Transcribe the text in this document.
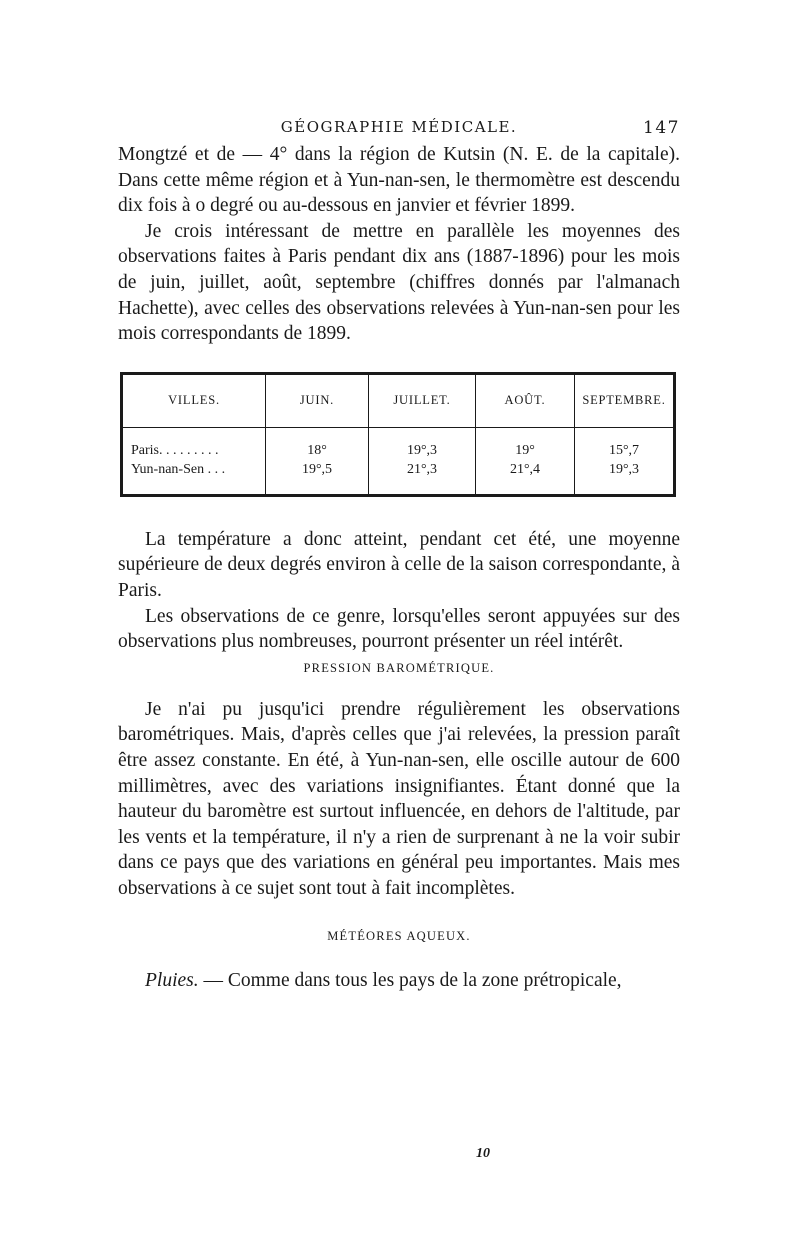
GÉOGRAPHIE MÉDICALE.	147

Mongtzé et de — 4° dans la région de Kutsin (N. E. de la capitale). Dans cette même région et à Yun-nan-sen, le thermomètre est descendu dix fois à o degré ou au-dessous en janvier et février 1899.

Je crois intéressant de mettre en parallèle les moyennes des observations faites à Paris pendant dix ans (1887-1896) pour les mois de juin, juillet, août, septembre (chiffres donnés par l'almanach Hachette), avec celles des observations relevées à Yun-nan-sen pour les mois correspondants de 1899.

VILLES.	JUIN.	JUILLET.	AOÛT.	SEPTEMBRE.
Paris. . . . . . . . .	18°	19°,3	19°	15°,7
Yun-nan-Sen . . .	19°,5	21°,3	21°,4	19°,3

La température a donc atteint, pendant cet été, une moyenne supérieure de deux degrés environ à celle de la saison correspondante, à Paris.

Les observations de ce genre, lorsqu'elles seront appuyées sur des observations plus nombreuses, pourront présenter un réel intérêt.

PRESSION BAROMÉTRIQUE.

Je n'ai pu jusqu'ici prendre régulièrement les observations barométriques. Mais, d'après celles que j'ai relevées, la pression paraît être assez constante. En été, à Yun-nan-sen, elle oscille autour de 600 millimètres, avec des variations insignifiantes. Étant donné que la hauteur du baromètre est surtout influencée, en dehors de l'altitude, par les vents et la température, il n'y a rien de surprenant à ne la voir subir dans ce pays que des variations en général peu importantes. Mais mes observations à ce sujet sont tout à fait incomplètes.

MÉTÉORES AQUEUX.

Pluies. — Comme dans tous les pays de la zone prétropicale,

10
